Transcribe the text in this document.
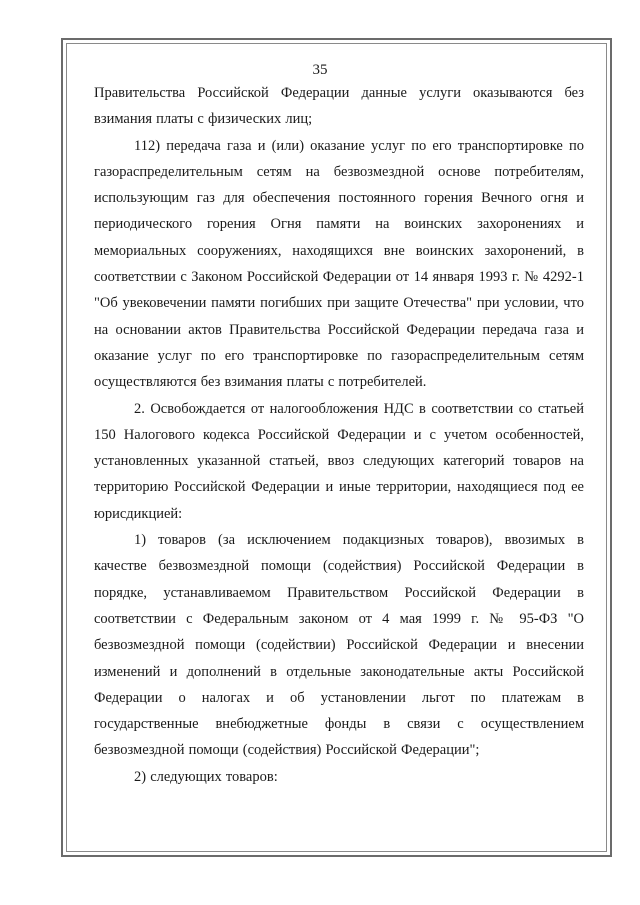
35

Правительства Российской Федерации данные услуги оказываются без взимания платы с физических лиц;

112) передача газа и (или) оказание услуг по его транспортировке по газораспределительным сетям на безвозмездной основе потребителям, использующим газ для обеспечения постоянного горения Вечного огня и периодического горения Огня памяти на воинских захоронениях и мемориальных сооружениях, находящихся вне воинских захоронений, в соответствии с Законом Российской Федерации от 14 января 1993 г. № 4292-1 "Об увековечении памяти погибших при защите Отечества" при условии, что на основании актов Правительства Российской Федерации передача газа и оказание услуг по его транспортировке по газораспределительным сетям осуществляются без взимания платы с потребителей.

2. Освобождается от налогообложения НДС в соответствии со статьей 150 Налогового кодекса Российской Федерации и с учетом особенностей, установленных указанной статьей, ввоз следующих категорий товаров на территорию Российской Федерации и иные территории, находящиеся под ее юрисдикцией:

1) товаров (за исключением подакцизных товаров), ввозимых в качестве безвозмездной помощи (содействия) Российской Федерации в порядке, устанавливаемом Правительством Российской Федерации в соответствии с Федеральным законом от 4 мая 1999 г. № 95-ФЗ "О безвозмездной помощи (содействии) Российской Федерации и внесении изменений и дополнений в отдельные законодательные акты Российской Федерации о налогах и об установлении льгот по платежам в государственные внебюджетные фонды в связи с осуществлением безвозмездной помощи (содействия) Российской Федерации";

2) следующих товаров:
